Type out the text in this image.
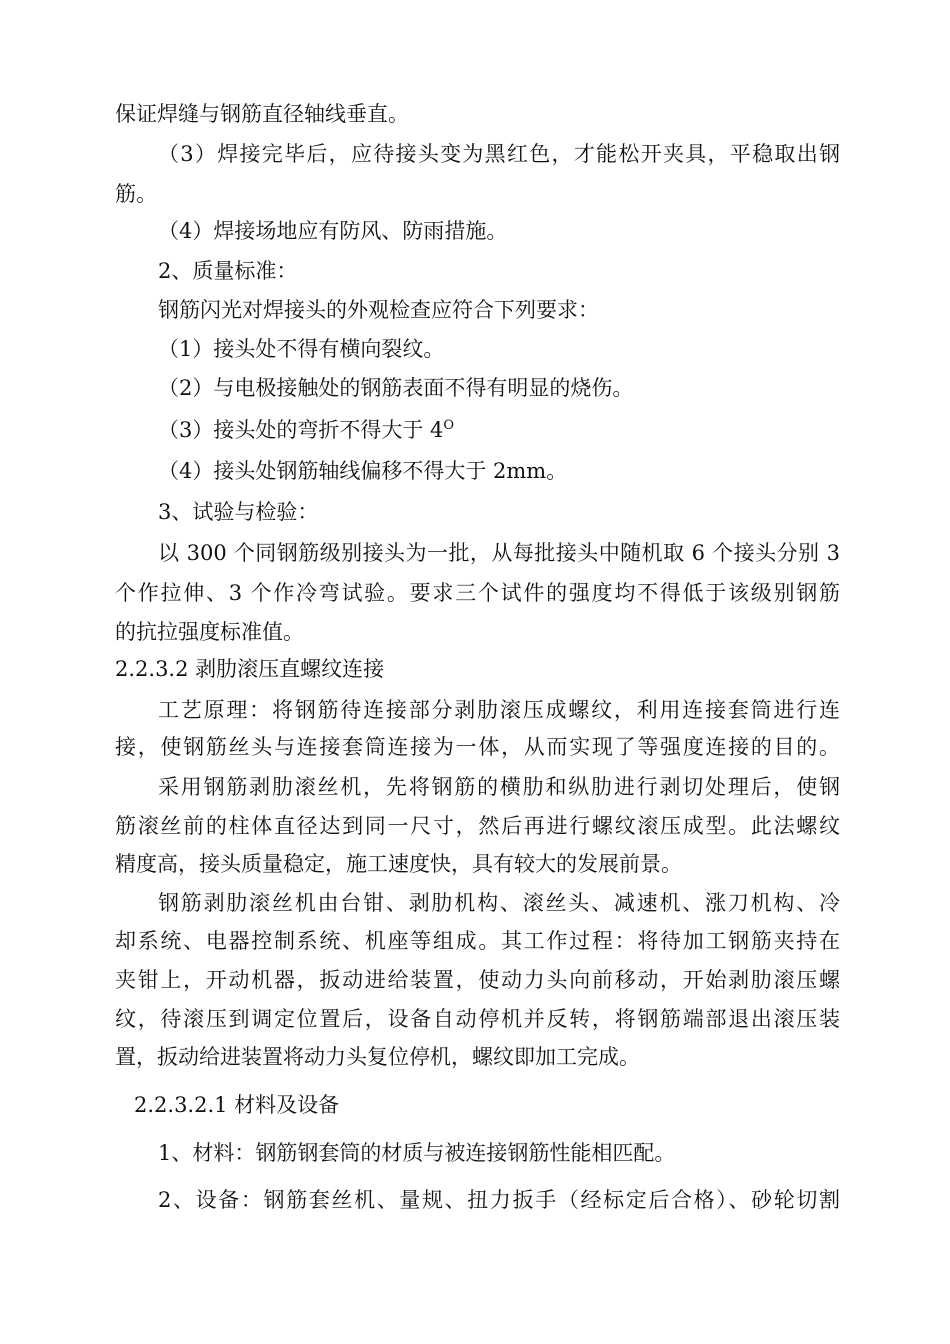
保证焊缝与钢筋直径轴线垂直。
（3）焊接完毕后，应待接头变为黑红色，才能松开夹具，平稳取出钢
筋。
（4）焊接场地应有防风、防雨措施。
2、质量标准：
钢筋闪光对焊接头的外观检查应符合下列要求：
（1）接头处不得有横向裂纹。
（2）与电极接触处的钢筋表面不得有明显的烧伤。
（3）接头处的弯折不得大于 $4^O$
（4）接头处钢筋轴线偏移不得大于 2mm。
3、试验与检验：
以 300 个同钢筋级别接头为一批，从每批接头中随机取 6 个接头分别 3
个作拉伸、3 个作冷弯试验。要求三个试件的强度均不得低于该级别钢筋
的抗拉强度标准值。
2.2.3.2 剥肋滚压直螺纹连接
工艺原理：将钢筋待连接部分剥肋滚压成螺纹，利用连接套筒进行连
接，使钢筋丝头与连接套筒连接为一体，从而实现了等强度连接的目的。
采用钢筋剥肋滚丝机，先将钢筋的横肋和纵肋进行剥切处理后，使钢
筋滚丝前的柱体直径达到同一尺寸，然后再进行螺纹滚压成型。此法螺纹
精度高，接头质量稳定，施工速度快，具有较大的发展前景。
钢筋剥肋滚丝机由台钳、剥肋机构、滚丝头、减速机、涨刀机构、冷
却系统、电器控制系统、机座等组成。其工作过程：将待加工钢筋夹持在
夹钳上，开动机器，扳动进给装置，使动力头向前移动，开始剥肋滚压螺
纹，待滚压到调定位置后，设备自动停机并反转，将钢筋端部退出滚压装
置，扳动给进装置将动力头复位停机，螺纹即加工完成。
2.2.3.2.1 材料及设备
1、材料：钢筋钢套筒的材质与被连接钢筋性能相匹配。
2、设备：钢筋套丝机、量规、扭力扳手（经标定后合格）、砂轮切割
